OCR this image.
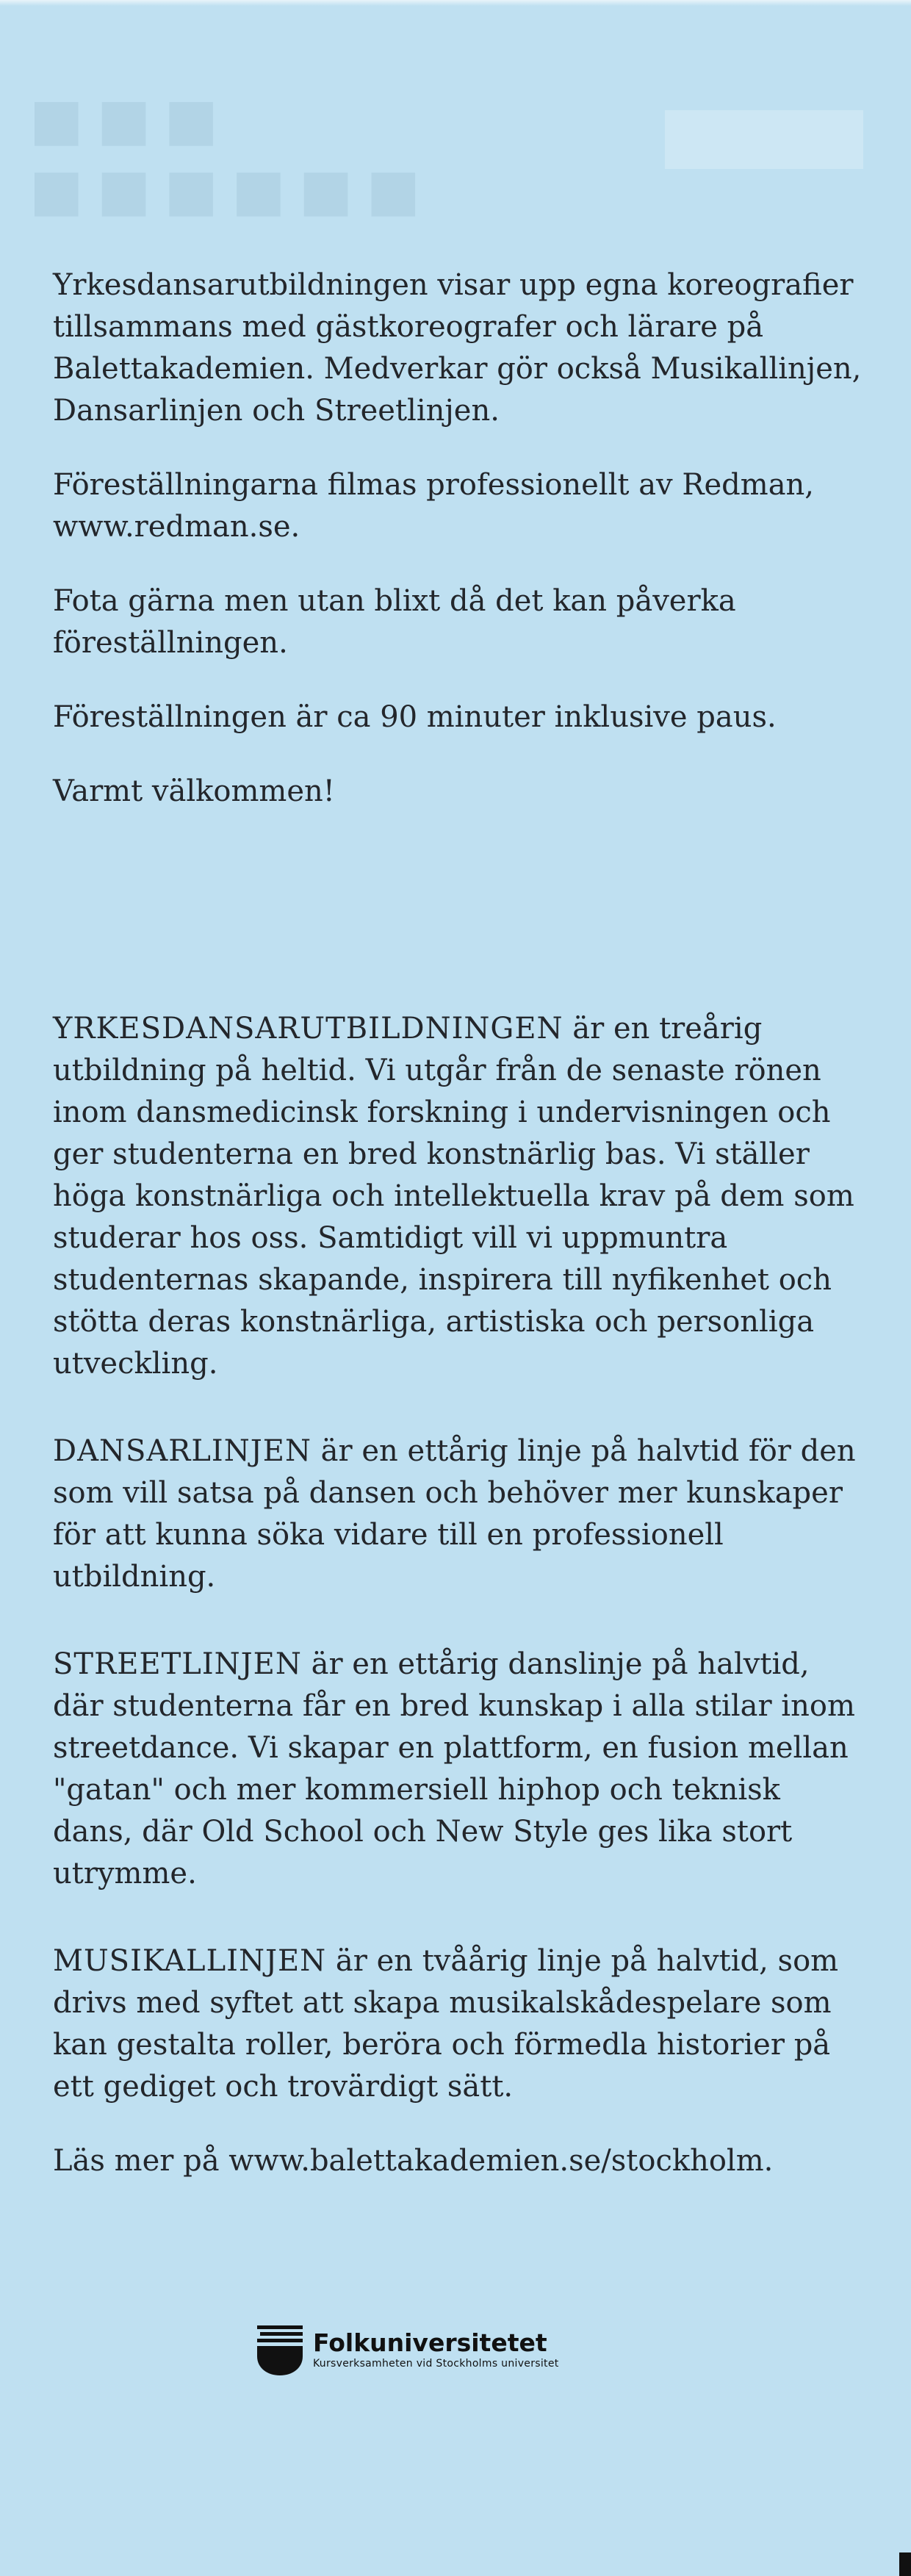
■■■
■■■■■■

Yrkesdansarutbildningen visar upp egna koreografier tillsammans med gästkoreografer och lärare på Balettakademien. Medverkar gör också Musikallinjen, Dansarlinjen och Streetlinjen.

Föreställningarna filmas professionellt av Redman, www.redman.se.

Fota gärna men utan blixt då det kan påverka föreställningen.

Föreställningen är ca 90 minuter inklusive paus.

Varmt välkommen!

YRKESDANSARUTBILDNINGEN är en treårig utbildning på heltid. Vi utgår från de senaste rönen inom dansmedicinsk forskning i undervisningen och ger studenterna en bred konstnärlig bas. Vi ställer höga konstnärliga och intellektuella krav på dem som studerar hos oss. Samtidigt vill vi uppmuntra studenternas skapande, inspirera till nyfikenhet och stötta deras konstnärliga, artistiska och personliga utveckling.

DANSARLINJEN är en ettårig linje på halvtid för den som vill satsa på dansen och behöver mer kunskaper för att kunna söka vidare till en professionell utbildning.

STREETLINJEN är en ettårig danslinje på halvtid, där studenterna får en bred kunskap i alla stilar inom streetdance. Vi skapar en plattform, en fusion mellan "gatan" och mer kommersiell hiphop och teknisk dans, där Old School och New Style ges lika stort utrymme.

MUSIKALLINJEN är en tvåårig linje på halvtid, som drivs med syftet att skapa musikalskådespelare som kan gestalta roller, beröra och förmedla historier på ett gediget och trovärdigt sätt.

Läs mer på www.balettakademien.se/stockholm.

Folkuniversitetet
Kursverksamheten vid Stockholms universitet
